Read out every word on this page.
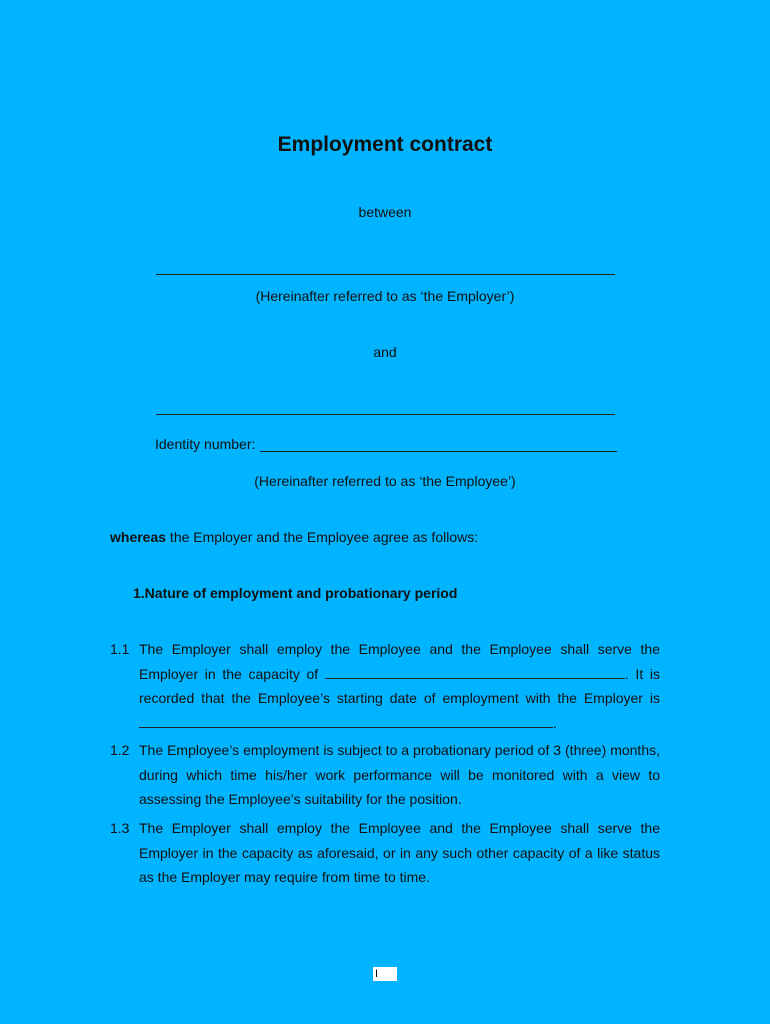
Employment contract
between
(Hereinafter referred to as ‘the Employer’)
and
Identity number:
(Hereinafter referred to as ‘the Employee’)
whereas the Employer and the Employee agree as follows:
1.Nature of employment and probationary period
1.1 The Employer shall employ the Employee and the Employee shall serve the Employer in the capacity of	. It is recorded that the Employee’s starting date of employment with the Employer is .
1.2 The Employee’s employment is subject to a probationary period of 3 (three) months, during which time his/her work performance will be monitored with a view to assessing the Employee’s suitability for the position.
1.3 The Employer shall employ the Employee and the Employee shall serve the Employer in the capacity as aforesaid, or in any such other capacity of a like status as the Employer may require from time to time.
I
